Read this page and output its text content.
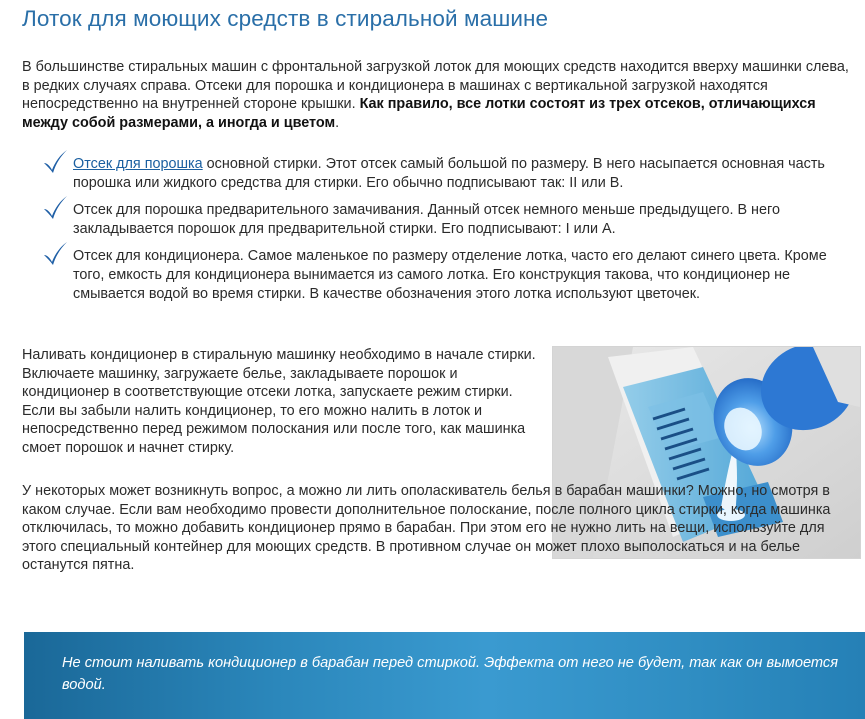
Лоток для моющих средств в стиральной машине

В большинстве стиральных машин с фронтальной загрузкой лоток для моющих средств находится вверху машинки слева, в редких случаях справа. Отсеки для порошка и кондиционера в машинах с вертикальной загрузкой находятся непосредственно на внутренней стороне крышки. Как правило, все лотки состоят из трех отсеков, отличающихся между собой размерами, а иногда и цветом.

Отсек для порошка основной стирки. Этот отсек самый большой по размеру. В него насыпается основная часть порошка или жидкого средства для стирки. Его обычно подписывают так: II или В.
Отсек для порошка предварительного замачивания. Данный отсек немного меньше предыдущего. В него закладывается порошок для предварительной стирки. Его подписывают: I или А.
Отсек для кондиционера. Самое маленькое по размеру отделение лотка, часто его делают синего цвета. Кроме того, емкость для кондиционера вынимается из самого лотка. Его конструкция такова, что кондиционер не смывается водой во время стирки. В качестве обозначения этого лотка используют цветочек.

Наливать кондиционер в стиральную машинку необходимо в начале стирки. Включаете машинку, загружаете белье, закладываете порошок и кондиционер в соответствующие отсеки лотка, запускаете режим стирки. Если вы забыли налить кондиционер, то его можно налить в лоток и непосредственно перед режимом полоскания или после того, как машинка смоет порошок и начнет стирку.

У некоторых может возникнуть вопрос, а можно ли лить ополаскиватель белья в барабан машинки? Можно, но смотря в каком случае. Если вам необходимо провести дополнительное полоскание, после полного цикла стирки, когда машинка отключилась, то можно добавить кондиционер прямо в барабан. При этом его не нужно лить на вещи, используйте для этого специальный контейнер для моющих средств. В противном случае он может плохо выполоскаться и на белье останутся пятна.

Не стоит наливать кондиционер в барабан перед стиркой. Эффекта от него не будет, так как он вымоется водой.
